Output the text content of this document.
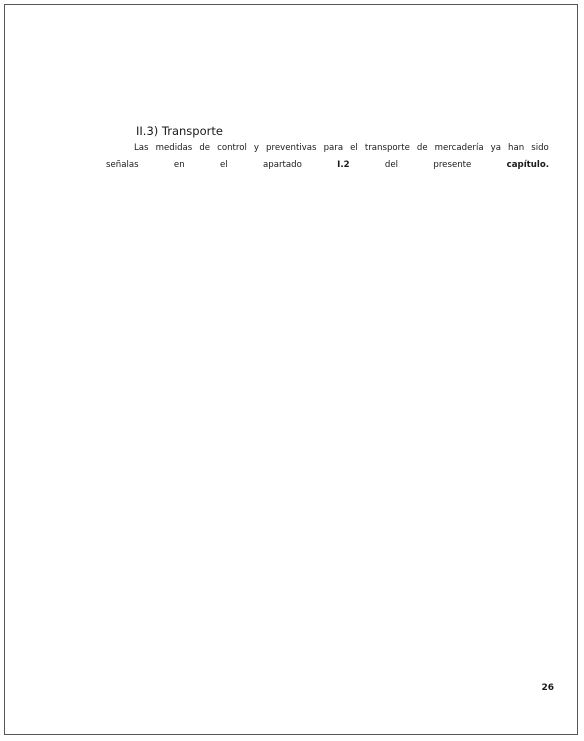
II.3) Transporte
Las medidas de control y preventivas para el transporte de mercadería ya han sido
señalas	en	el	apartado	I.2	del	presente	capítulo.
26
